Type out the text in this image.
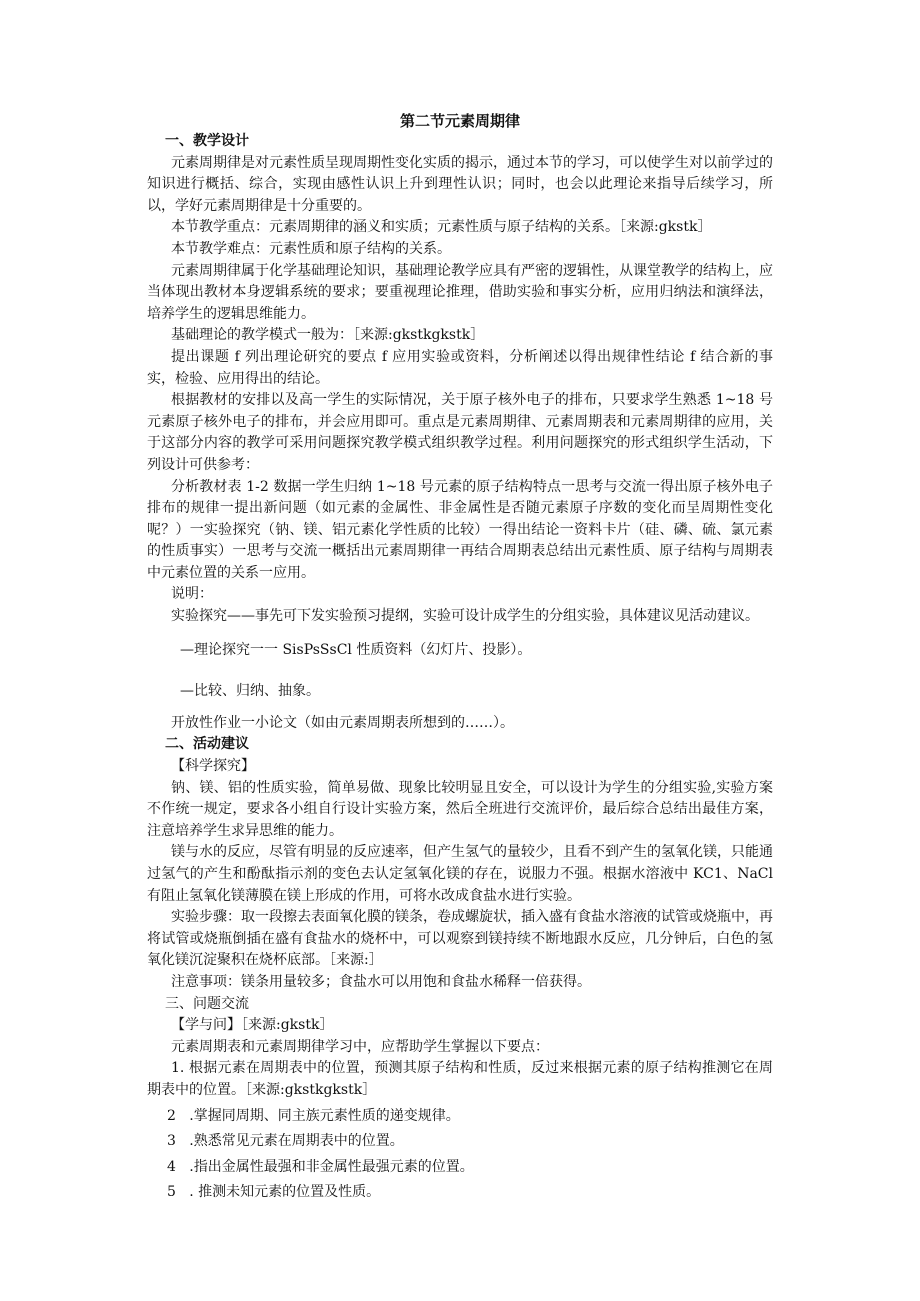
第二节元素周期律

一、教学设计

元素周期律是对元素性质呈现周期性变化实质的揭示，通过本节的学习，可以使学生对以前学过的知识进行概括、综合，实现由感性认识上升到理性认识；同时，也会以此理论来指导后续学习，所以，学好元素周期律是十分重要的。

本节教学重点：元素周期律的涵义和实质；元素性质与原子结构的关系。［来源:gkstk］

本节教学难点：元素性质和原子结构的关系。

元素周期律属于化学基础理论知识，基础理论教学应具有严密的逻辑性，从课堂教学的结构上，应当体现出教材本身逻辑系统的要求；要重视理论推理，借助实验和事实分析，应用归纳法和演绎法，培养学生的逻辑思维能力。

基础理论的教学模式一般为：［来源:gkstkgkstk］

提出课题 f 列出理论研究的要点 f 应用实验或资料，分析阐述以得出规律性结论 f 结合新的事实，检验、应用得出的结论。

根据教材的安排以及高一学生的实际情况，关于原子核外电子的排布，只要求学生熟悉 1~18 号元素原子核外电子的排布，并会应用即可。重点是元素周期律、元素周期表和元素周期律的应用，关于这部分内容的教学可采用问题探究教学模式组织教学过程。利用问题探究的形式组织学生活动，下列设计可供参考：

分析教材表 1-2 数据一学生归纳 1~18 号元素的原子结构特点一思考与交流一得出原子核外电子排布的规律一提出新问题（如元素的金属性、非金属性是否随元素原子序数的变化而呈周期性变化呢？）一实验探究（钠、镁、铝元素化学性质的比较）一得出结论一资料卡片（硅、磷、硫、氯元素的性质事实）一思考与交流一概括出元素周期律一再结合周期表总结出元素性质、原子结构与周期表中元素位置的关系一应用。

说明：

实验探究——事先可下发实验预习提纲，实验可设计成学生的分组实验，具体建议见活动建议。

—理论探究一一 SisPsSsCl 性质资料（幻灯片、投影）。

—比较、归纳、抽象。

开放性作业一小论文（如由元素周期表所想到的……）。

二、活动建议

【科学探究】

钠、镁、铝的性质实验，简单易做、现象比较明显且安全，可以设计为学生的分组实验,实验方案不作统一规定，要求各小组自行设计实验方案，然后全班进行交流评价，最后综合总结出最佳方案，注意培养学生求异思维的能力。

镁与水的反应，尽管有明显的反应速率，但产生氢气的量较少，且看不到产生的氢氧化镁，只能通过氢气的产生和酚酞指示剂的变色去认定氢氧化镁的存在，说服力不强。根据水溶液中 KC1、NaCl 有阻止氢氧化镁薄膜在镁上形成的作用，可将水改成食盐水进行实验。

实验步骤：取一段擦去表面氧化膜的镁条，卷成螺旋状，插入盛有食盐水溶液的试管或烧瓶中，再将试管或烧瓶倒插在盛有食盐水的烧杯中，可以观察到镁持续不断地跟水反应，几分钟后，白色的氢氧化镁沉淀聚积在烧杯底部。［来源:］

注意事项：镁条用量较多；食盐水可以用饱和食盐水稀释一倍获得。

三、问题交流

【学与问】［来源:gkstk］

元素周期表和元素周期律学习中，应帮助学生掌握以下要点：

1. 根据元素在周期表中的位置，预测其原子结构和性质，反过来根据元素的原子结构推测它在周期表中的位置。［来源:gkstkgkstk］

2 .掌握同周期、同主族元素性质的递变规律。

3 .熟悉常见元素在周期表中的位置。

4 .指出金属性最强和非金属性最强元素的位置。

5 . 推测未知元素的位置及性质。
